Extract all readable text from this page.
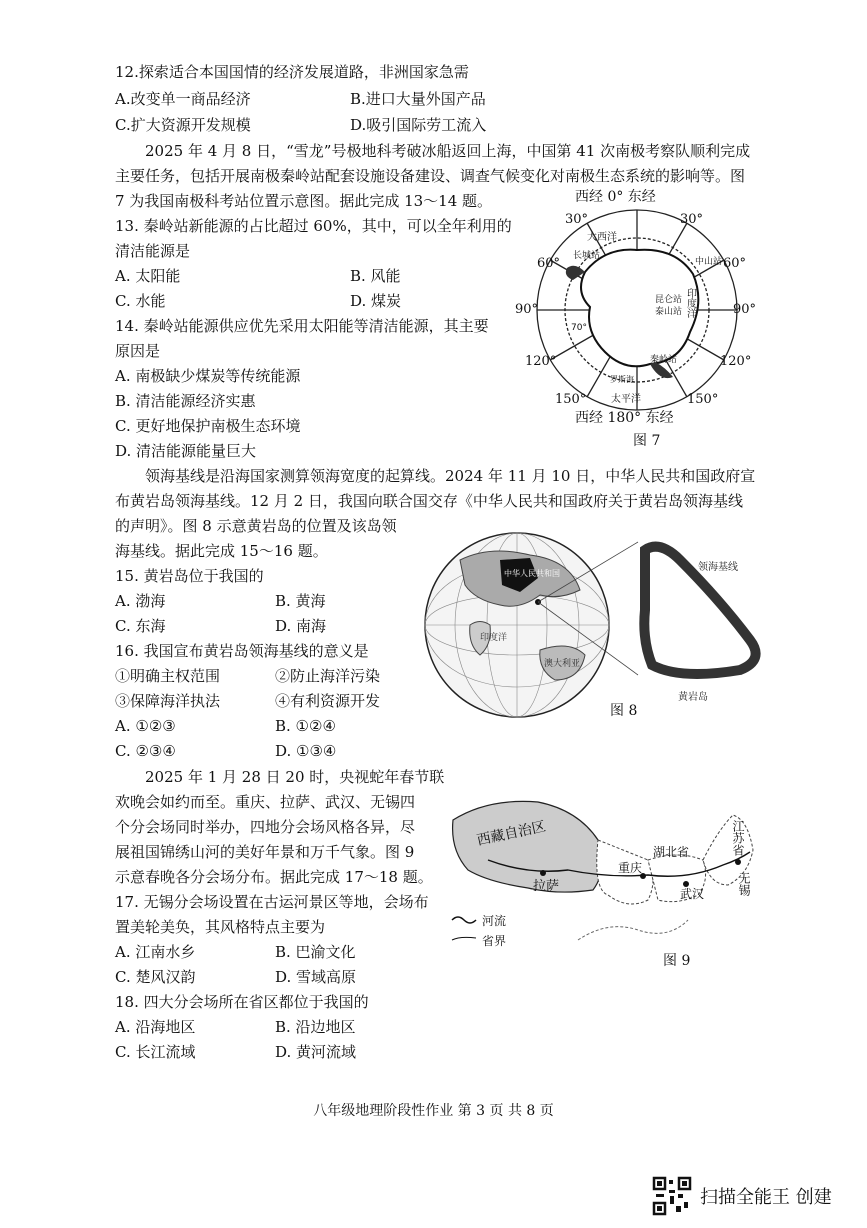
12.探索适合本国国情的经济发展道路，非洲国家急需
A.改变单一商品经济	B.进口大量外国产品
C.扩大资源开发规模	D.吸引国际劳工流入
2025 年 4 月 8 日，“雪龙”号极地科考破冰船返回上海，中国第 41 次南极考察队顺利完成
主要任务，包括开展南极秦岭站配套设施设备建设、调查气候变化对南极生态系统的影响等。图
7 为我国南极科考站位置示意图。据此完成 13～14 题。
13. 秦岭站新能源的占比超过 60%，其中，可以全年利用的
清洁能源是
A. 太阳能	B. 风能
C. 水能	D. 煤炭
14. 秦岭站能源供应优先采用太阳能等清洁能源，其主要
原因是
A. 南极缺少煤炭等传统能源
B. 清洁能源经济实惠
C. 更好地保护南极生态环境
D. 清洁能源能量巨大
大西洋
印度洋
太平洋
昆仑站
泰山站
长城站
秦岭站
罗斯海
中山站
70°
西经 0° 东经
30°	30°
60°	60°
90°	90°
120°	120°
150°	150°
西经 180° 东经
图 7
领海基线是沿海国家测算领海宽度的起算线。2024 年 11 月 10 日，中华人民共和国政府宣
布黄岩岛领海基线。12 月 2 日，我国向联合国交存《中华人民共和国政府关于黄岩岛领海基线
的声明》。图 8 示意黄岩岛的位置及该岛领
海基线。据此完成 15～16 题。
15. 黄岩岛位于我国的
A. 渤海	B. 黄海
C. 东海	D. 南海
16. 我国宣布黄岩岛领海基线的意义是
①明确主权范围	②防止海洋污染
③保障海洋执法	④有利资源开发
A. ①②③	B. ①②④
C. ②③④	D. ①③④
中华人民共和国
印度洋
澳大利亚
领海基线
黄岩岛
图 8
2025 年 1 月 28 日 20 时，央视蛇年春节联
欢晚会如约而至。重庆、拉萨、武汉、无锡四
个分会场同时举办，四地分会场风格各异，尽
展祖国锦绣山河的美好年景和万千气象。图 9
示意春晚各分会场分布。据此完成 17～18 题。
17. 无锡分会场设置在古运河景区等地，会场布
置美轮美奂，其风格特点主要为
A. 江南水乡	B. 巴渝文化
C. 楚风汉韵	D. 雪域高原
18. 四大分会场所在省区都位于我国的
A. 沿海地区	B. 沿边地区
C. 长江流域	D. 黄河流域
西藏自治区
拉萨
重庆
湖北省
武汉
江苏省
无锡
河流
省界
图 9
八年级地理阶段性作业 第 3 页 共 8 页
扫描全能王 创建
